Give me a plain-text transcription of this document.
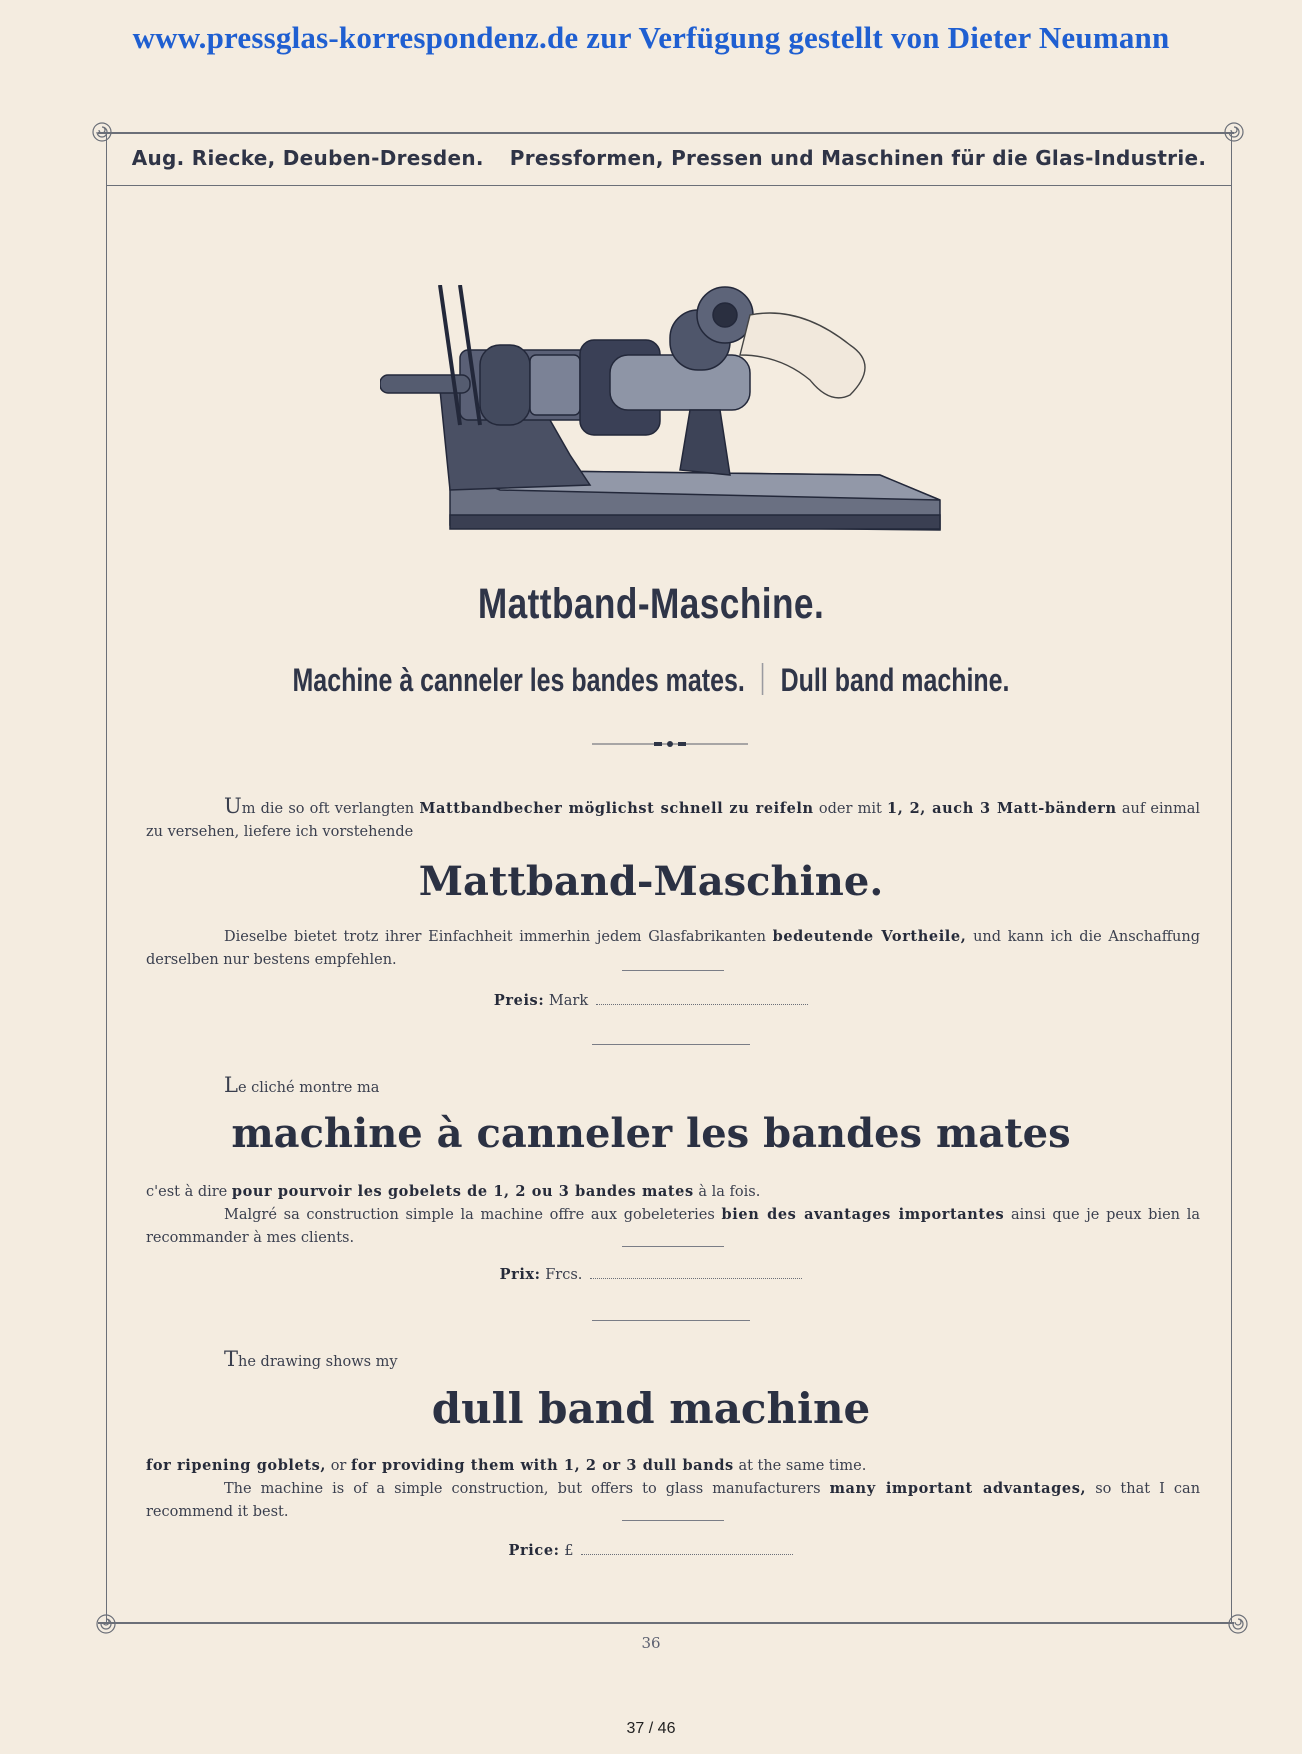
www.pressglas-korrespondenz.de zur Verfügung gestellt von Dieter Neumann
Aug. Riecke, Deuben-Dresden. Pressformen, Pressen und Maschinen für die Glas-Industrie.
Mattband-Maschine.
Machine à canneler les bandes mates. Dull band machine.
Um die so oft verlangten Mattbandbecher möglichst schnell zu reifeln oder mit 1, 2, auch 3 Matt-bändern auf einmal zu versehen, liefere ich vorstehende
Mattband-Maschine.
Dieselbe bietet trotz ihrer Einfachheit immerhin jedem Glasfabrikanten bedeutende Vortheile, und kann ich die Anschaffung derselben nur bestens empfehlen.
Preis: Mark
Le cliché montre ma
machine à canneler les bandes mates
c'est à dire pour pourvoir les gobelets de 1, 2 ou 3 bandes mates à la fois.
Malgré sa construction simple la machine offre aux gobeleteries bien des avantages importantes ainsi que je peux bien la recommander à mes clients.
Prix: Frcs.
The drawing shows my
dull band machine
for ripening goblets, or for providing them with 1, 2 or 3 dull bands at the same time.
The machine is of a simple construction, but offers to glass manufacturers many important advantages, so that I can recommend it best.
Price: £
36
37 / 46
